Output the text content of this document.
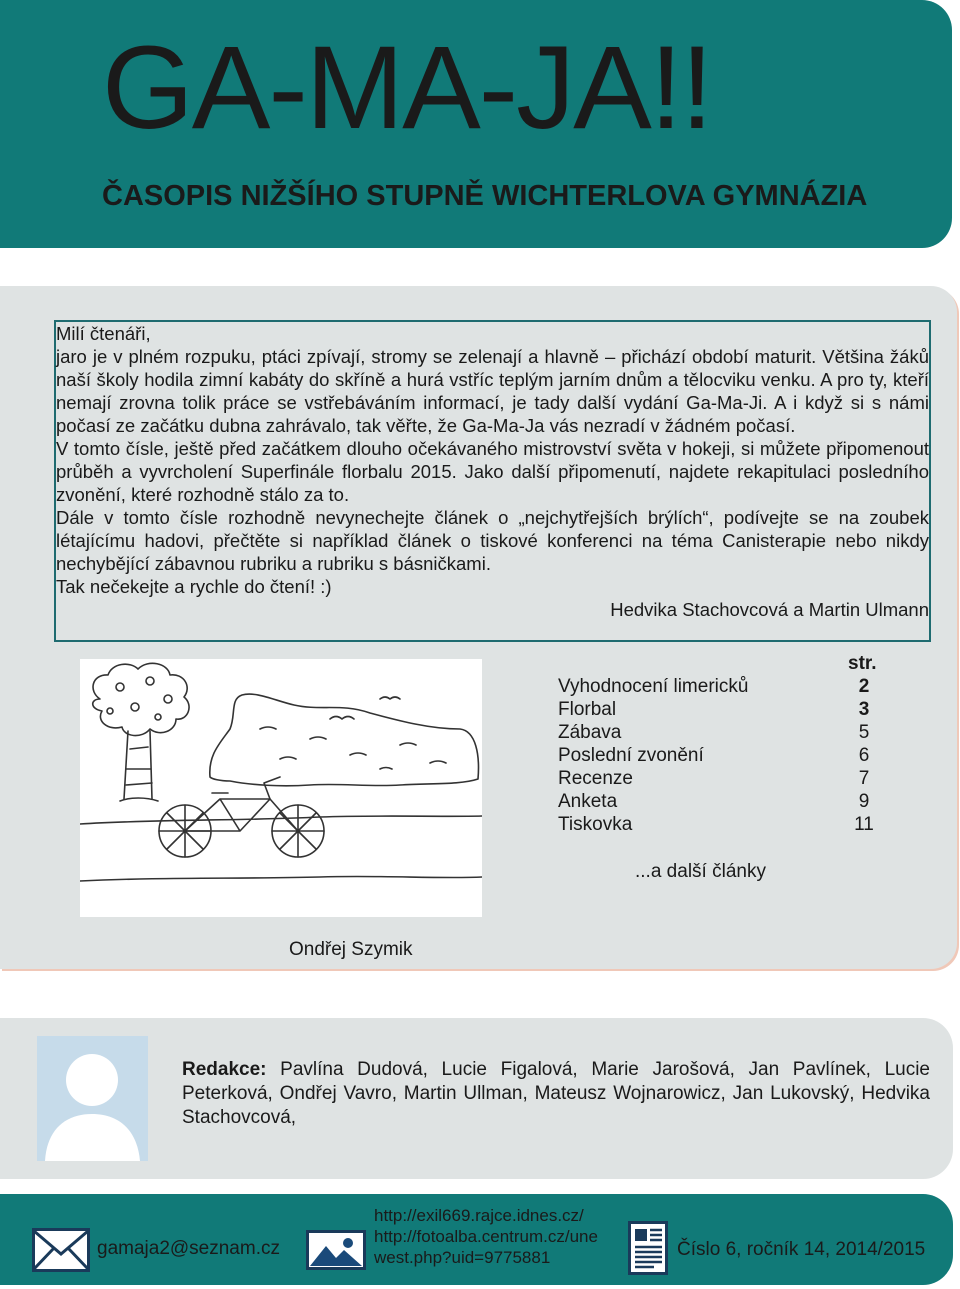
GA-MA-JA!!
ČASOPIS NIŽŠÍHO STUPNĚ WICHTERLOVA GYMNÁZIA

Milí čtenáři,

jaro je v plném rozpuku, ptáci zpívají, stromy se zelenají a hlavně – přichází období maturit. Většina žáků naší školy hodila zimní kabáty do skříně a hurá vstříc teplým jarním dnům a tělocviku venku. A pro ty, kteří nemají zrovna tolik práce se vstřebáváním informací, je tady další vydání Ga-Ma-Ji. A i když si s námi počasí ze začátku dubna zahrávalo, tak věřte, že Ga-Ma-Ja vás nezradí v žádném počasí.

V tomto čísle, ještě před začátkem dlouho očekávaného mistrovství světa v hokeji, si můžete připomenout průběh a vyvrcholení Superfinále florbalu 2015. Jako další připomenutí, najdete rekapitulaci posledního zvonění, které rozhodně stálo za to.

Dále v tomto čísle rozhodně nevynechejte článek o „nejchytřejších brýlích“, podívejte se na zoubek létajícímu hadovi, přečtěte si například článek o tiskové konferenci na téma Canisterapie nebo nikdy nechybějící zábavnou rubriku a rubriku s básničkami.

Tak nečekejte a rychle do čtení! :)

Hedvika Stachovcová a Martin Ulmann

Ondřej Szymik
str.
Vyhodnocení limericků	2
Florbal	3
Zábava	5
Poslední zvonění	6
Recenze	7
Anketa	9
Tiskovka	11
...a další články
Redakce: Pavlína Dudová, Lucie Figalová, Marie Jarošová, Jan Pavlínek, Lucie Peterková, Ondřej Vavro, Martin Ullman, Mateusz Wojnarowicz, Jan Lukovský, Hedvika Stachovcová,
gamaja2@seznam.cz
http://exil669.rajce.idnes.cz/
http://fotoalba.centrum.cz/une
west.php?uid=9775881	Číslo 6, ročník 14, 2014/2015
